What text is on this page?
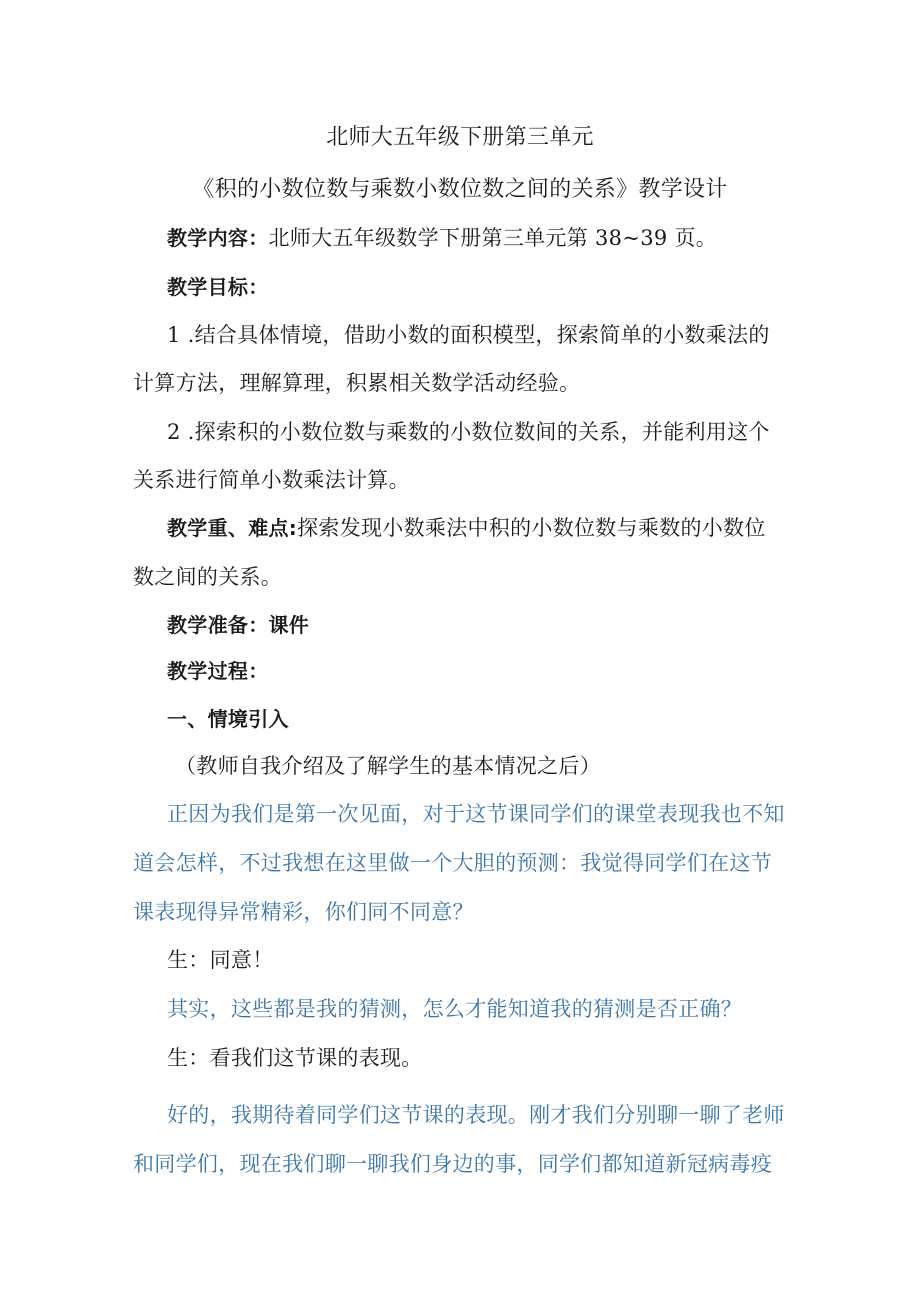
北师大五年级下册第三单元
《积的小数位数与乘数小数位数之间的关系》教学设计
教学内容：北师大五年级数学下册第三单元第 38~39 页。
教学目标：
1 .结合具体情境，借助小数的面积模型，探索简单的小数乘法的
计算方法，理解算理，积累相关数学活动经验。
2 .探索积的小数位数与乘数的小数位数间的关系，并能利用这个
关系进行简单小数乘法计算。
教学重、难点:探索发现小数乘法中积的小数位数与乘数的小数位
数之间的关系。
教学准备：课件
教学过程：
一、情境引入
（教师自我介绍及了解学生的基本情况之后）
正因为我们是第一次见面，对于这节课同学们的课堂表现我也不知
道会怎样，不过我想在这里做一个大胆的预测：我觉得同学们在这节
课表现得异常精彩，你们同不同意？
生：同意！
其实，这些都是我的猜测，怎么才能知道我的猜测是否正确？
生：看我们这节课的表现。
好的，我期待着同学们这节课的表现。刚才我们分别聊一聊了老师
和同学们，现在我们聊一聊我们身边的事，同学们都知道新冠病毒疫
